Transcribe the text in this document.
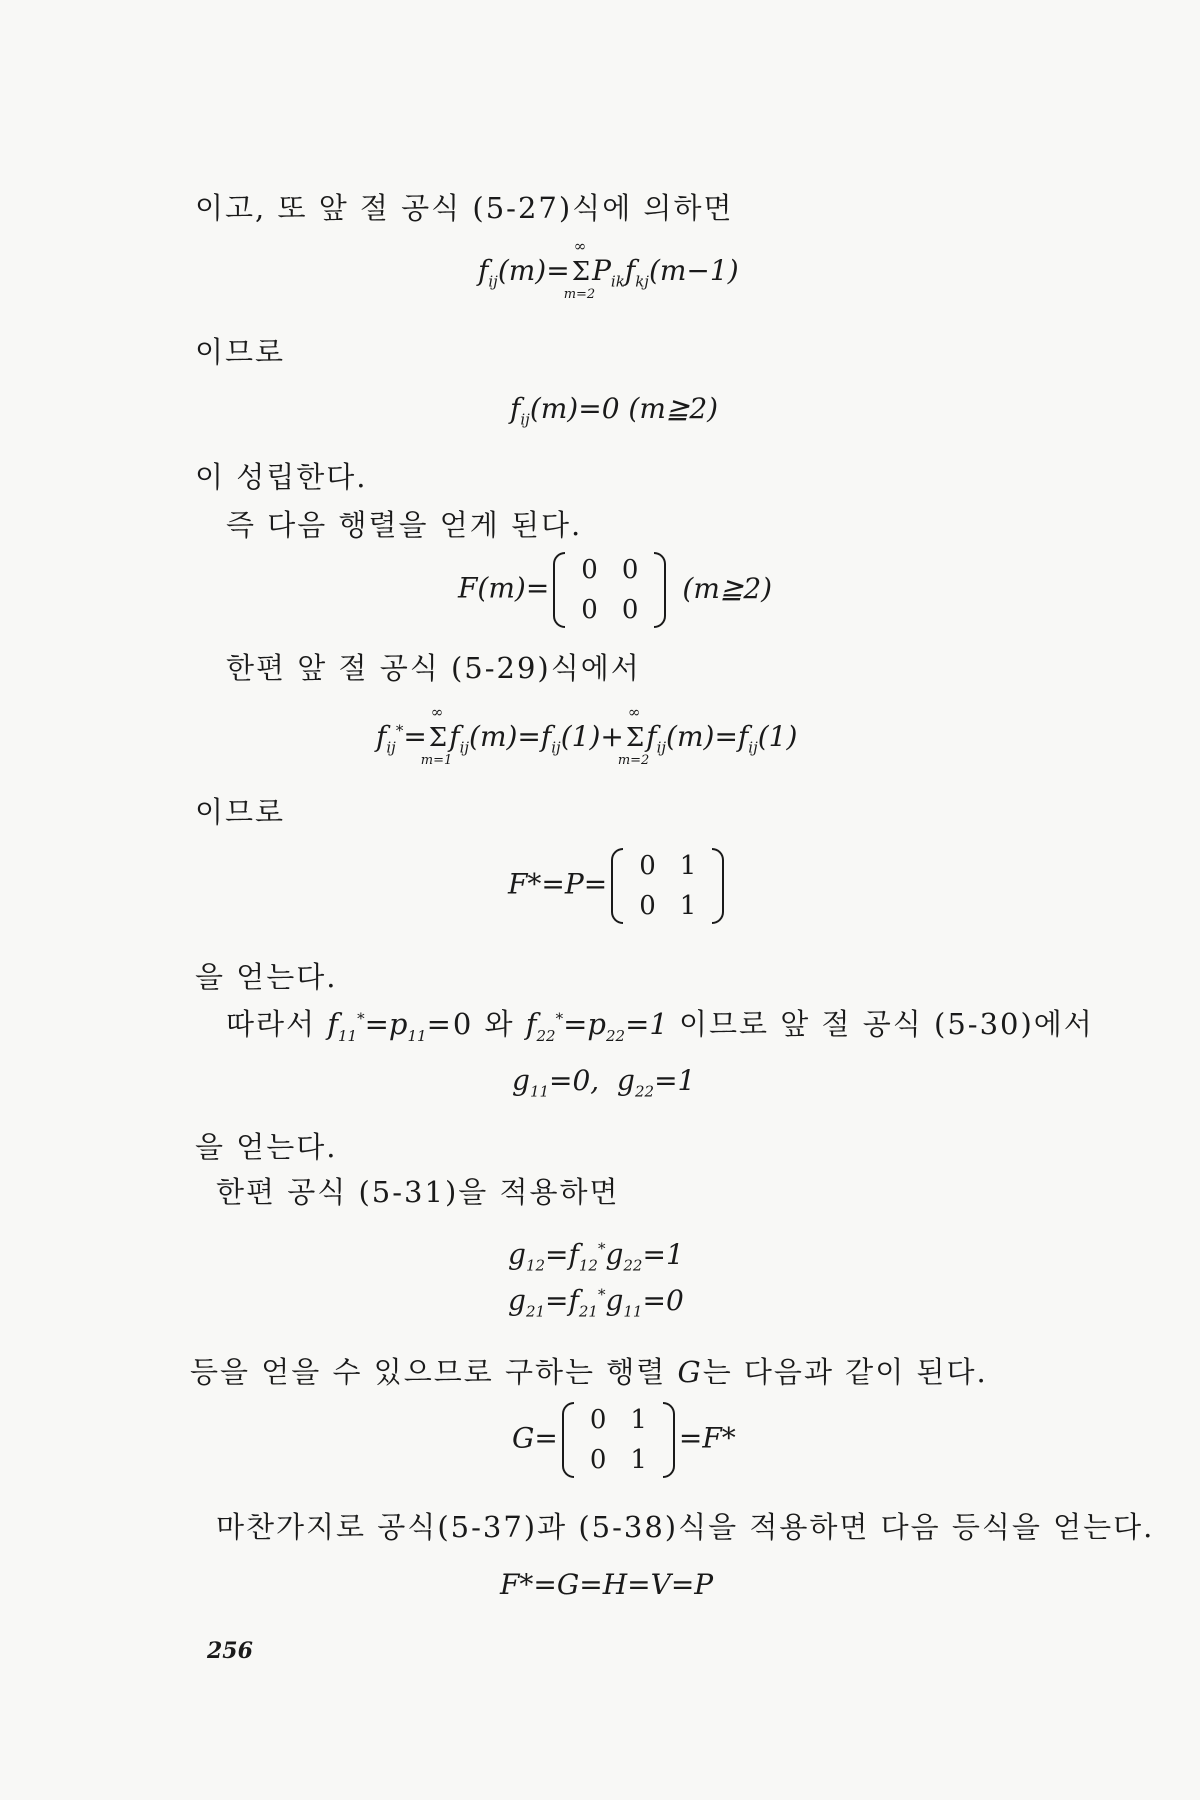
이고, 또 앞 절 공식 (5-27)식에 의하면
$f_{ij}(m)=\Sigma$
∞
m=2
$P_{ik}f_{kj}(m-1)$
이므로
$f_{ij}(m)=0$ (m≧2)
이 성립한다.
즉 다음 행렬을 얻게 된다.
F(m)=
0	0
0	0
(m≧2)
한편 앞 절 공식 (5-29)식에서
$f_{ij}^*=\Sigma$
∞
m=1
$f_{ij}(m)=f_{ij}(1)+\Sigma$
∞
m=2
$f_{ij}(m)=f_{ij}(1)$
이므로
F*=P=
0	1
0	1
을 얻는다.
따라서 $f_{11}^*=p_{11}=0$ 와 $f_{22}^*=p_{22}=1$ 이므로 앞 절 공식 (5-30)에서
$g_{11}=0$, $g_{22}=1$
을 얻는다.
한편 공식 (5-31)을 적용하면
$g_{12}=f_{12}^*g_{22}=1$
$g_{21}=f_{21}^*g_{11}=0$
등을 얻을 수 있으므로 구하는 행렬 G는 다음과 같이 된다.
G=
0	1
0	1
=F*
마찬가지로 공식(5-37)과 (5-38)식을 적용하면 다음 등식을 얻는다.
F*=G=H=V=P
256
